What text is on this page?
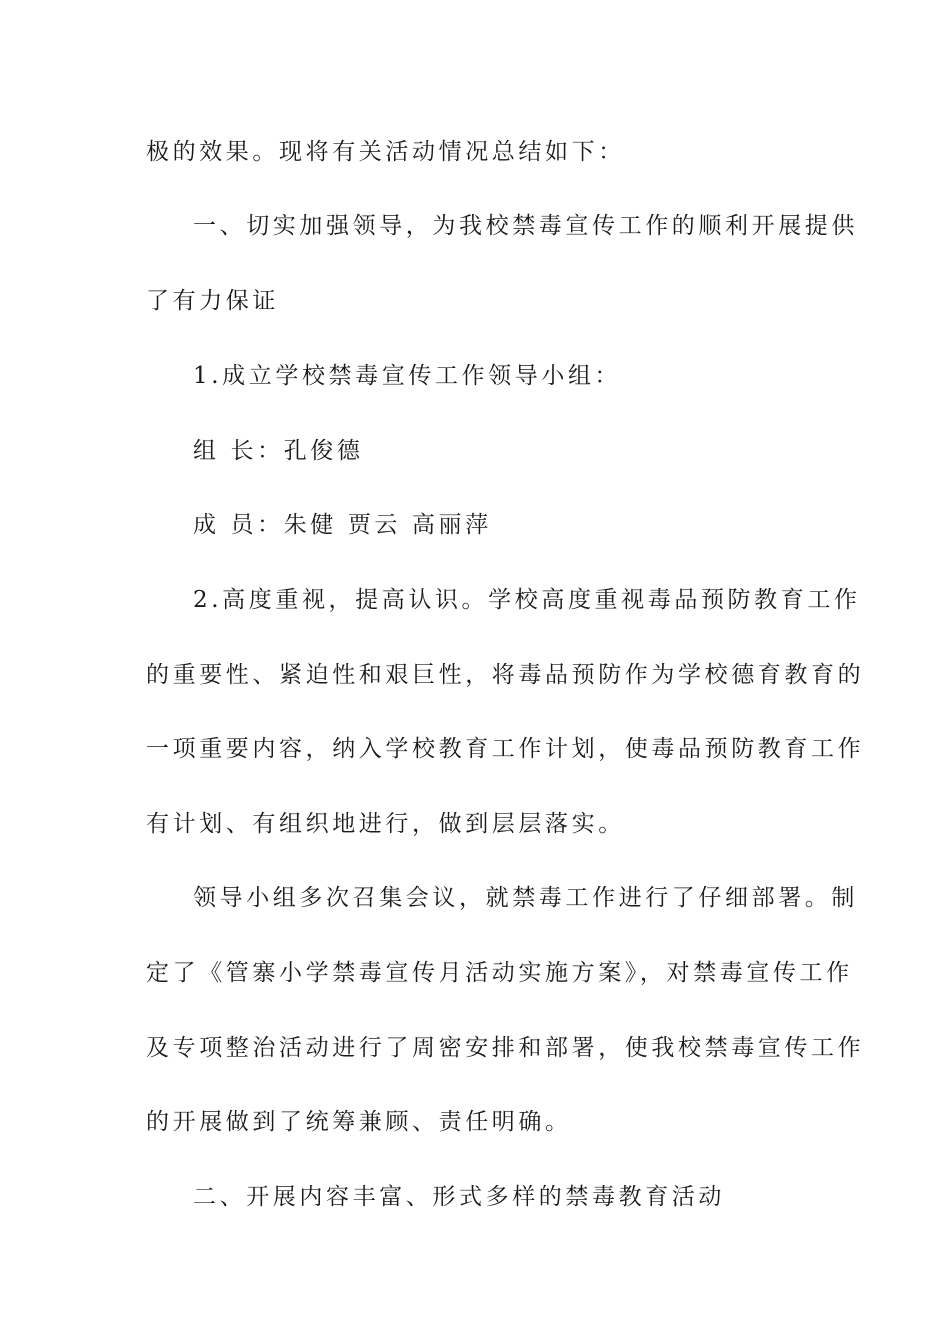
极的效果。现将有关活动情况总结如下：
一、切实加强领导，为我校禁毒宣传工作的顺利开展提供
了有力保证
1.成立学校禁毒宣传工作领导小组：
组 长：孔俊德
成 员：朱健 贾云 高丽萍
2.高度重视，提高认识。学校高度重视毒品预防教育工作
的重要性、紧迫性和艰巨性，将毒品预防作为学校德育教育的
一项重要内容，纳入学校教育工作计划，使毒品预防教育工作
有计划、有组织地进行，做到层层落实。
领导小组多次召集会议，就禁毒工作进行了仔细部署。制
定了《管寨小学禁毒宣传月活动实施方案》，对禁毒宣传工作
及专项整治活动进行了周密安排和部署，使我校禁毒宣传工作
的开展做到了统筹兼顾、责任明确。
二、开展内容丰富、形式多样的禁毒教育活动
